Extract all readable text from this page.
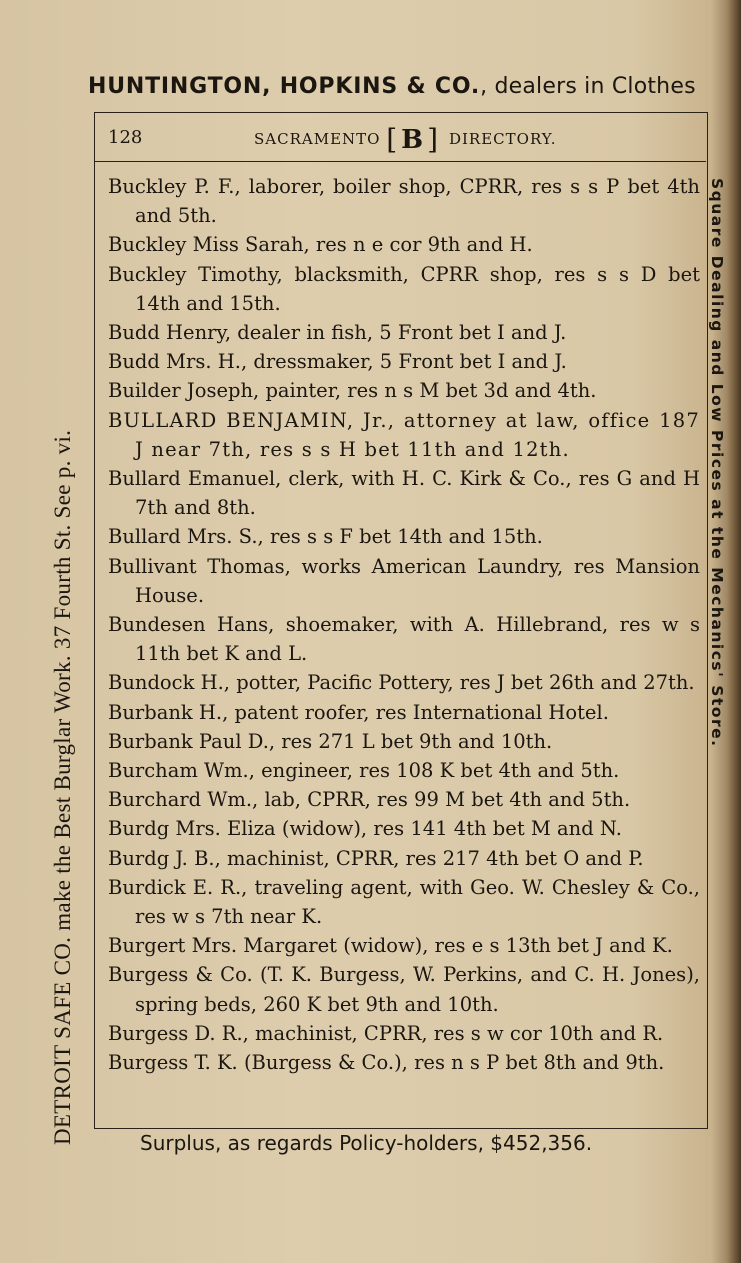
HUNTINGTON, HOPKINS & CO., dealers in Clothes
DETROIT SAFE CO. make the Best Burglar Work. 37 Fourth St. See p. vi.	Square Dealing and Low Prices at the Mechanics' Store.
128	SACRAMENTO [ B ] DIRECTORY.
Buckley P. F., laborer, boiler shop, CPRR, res s s P bet 4th and 5th.
Buckley Miss Sarah, res n e cor 9th and H.
Buckley Timothy, blacksmith, CPRR shop, res s s D bet 14th and 15th.
Budd Henry, dealer in fish, 5 Front bet I and J.
Budd Mrs. H., dressmaker, 5 Front bet I and J.
Builder Joseph, painter, res n s M bet 3d and 4th.
BULLARD BENJAMIN, Jr., attorney at law, office 187 J near 7th, res s s H bet 11th and 12th.
Bullard Emanuel, clerk, with H. C. Kirk & Co., res G and H 7th and 8th.
Bullard Mrs. S., res s s F bet 14th and 15th.
Bullivant Thomas, works American Laundry, res Mansion House.
Bundesen Hans, shoemaker, with A. Hillebrand, res w s 11th bet K and L.
Bundock H., potter, Pacific Pottery, res J bet 26th and 27th.
Burbank H., patent roofer, res International Hotel.
Burbank Paul D., res 271 L bet 9th and 10th.
Burcham Wm., engineer, res 108 K bet 4th and 5th.
Burchard Wm., lab, CPRR, res 99 M bet 4th and 5th.
Burdg Mrs. Eliza (widow), res 141 4th bet M and N.
Burdg J. B., machinist, CPRR, res 217 4th bet O and P.
Burdick E. R., traveling agent, with Geo. W. Chesley & Co., res w s 7th near K.
Burgert Mrs. Margaret (widow), res e s 13th bet J and K.
Burgess & Co. (T. K. Burgess, W. Perkins, and C. H. Jones), spring beds, 260 K bet 9th and 10th.
Burgess D. R., machinist, CPRR, res s w cor 10th and R.
Burgess T. K. (Burgess & Co.), res n s P bet 8th and 9th.
Surplus, as regards Policy-holders, $452,356.
